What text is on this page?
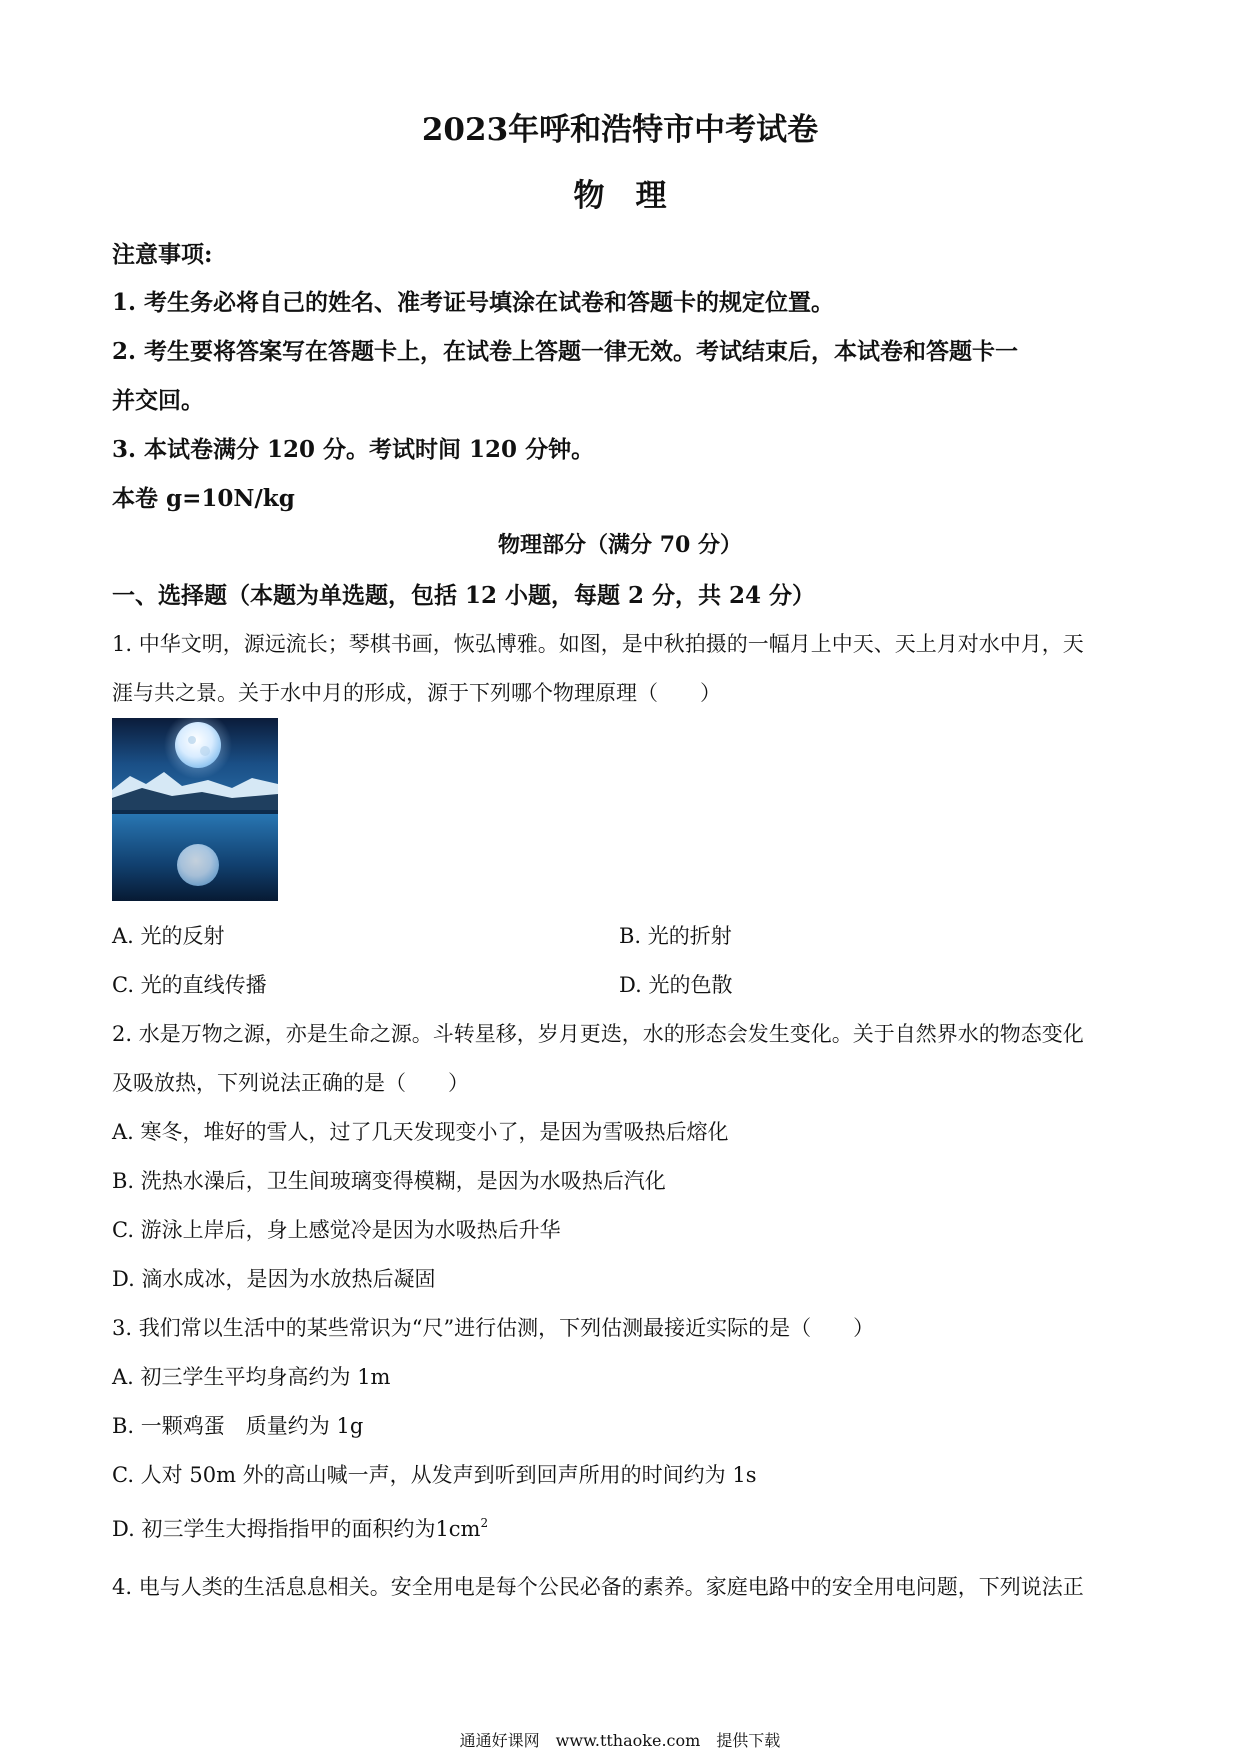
2023年呼和浩特市中考试卷
物　理
注意事项:
1. 考生务必将自己的姓名、准考证号填涂在试卷和答题卡的规定位置。
2. 考生要将答案写在答题卡上，在试卷上答题一律无效。考试结束后，本试卷和答题卡一
并交回。
3. 本试卷满分 120 分。考试时间 120 分钟。
本卷 g=10N/kg
物理部分（满分 70 分）
一、选择题（本题为单选题，包括 12 小题，每题 2 分，共 24 分）
1. 中华文明，源远流长；琴棋书画，恢弘博雅。如图，是中秋拍摄的一幅月上中天、天上月对水中月，天
涯与共之景。关于水中月的形成，源于下列哪个物理原理（　　）
A. 光的反射	B. 光的折射
C. 光的直线传播	D. 光的色散
2. 水是万物之源，亦是生命之源。斗转星移，岁月更迭，水的形态会发生变化。关于自然界水的物态变化
及吸放热，下列说法正确的是（　　）
A. 寒冬，堆好的雪人，过了几天发现变小了，是因为雪吸热后熔化
B. 洗热水澡后，卫生间玻璃变得模糊，是因为水吸热后汽化
C. 游泳上岸后，身上感觉冷是因为水吸热后升华
D. 滴水成冰，是因为水放热后凝固
3. 我们常以生活中的某些常识为“尺”进行估测，下列估测最接近实际的是（　　）
A. 初三学生平均身高约为 1m
B. 一颗鸡蛋　质量约为 1g
C. 人对 50m 外的高山喊一声，从发声到听到回声所用的时间约为 1s
D. 初三学生大拇指指甲的面积约为$1cm^2$
4. 电与人类的生活息息相关。安全用电是每个公民必备的素养。家庭电路中的安全用电问题，下列说法正
通通好课网　www.tthaoke.com　提供下载
